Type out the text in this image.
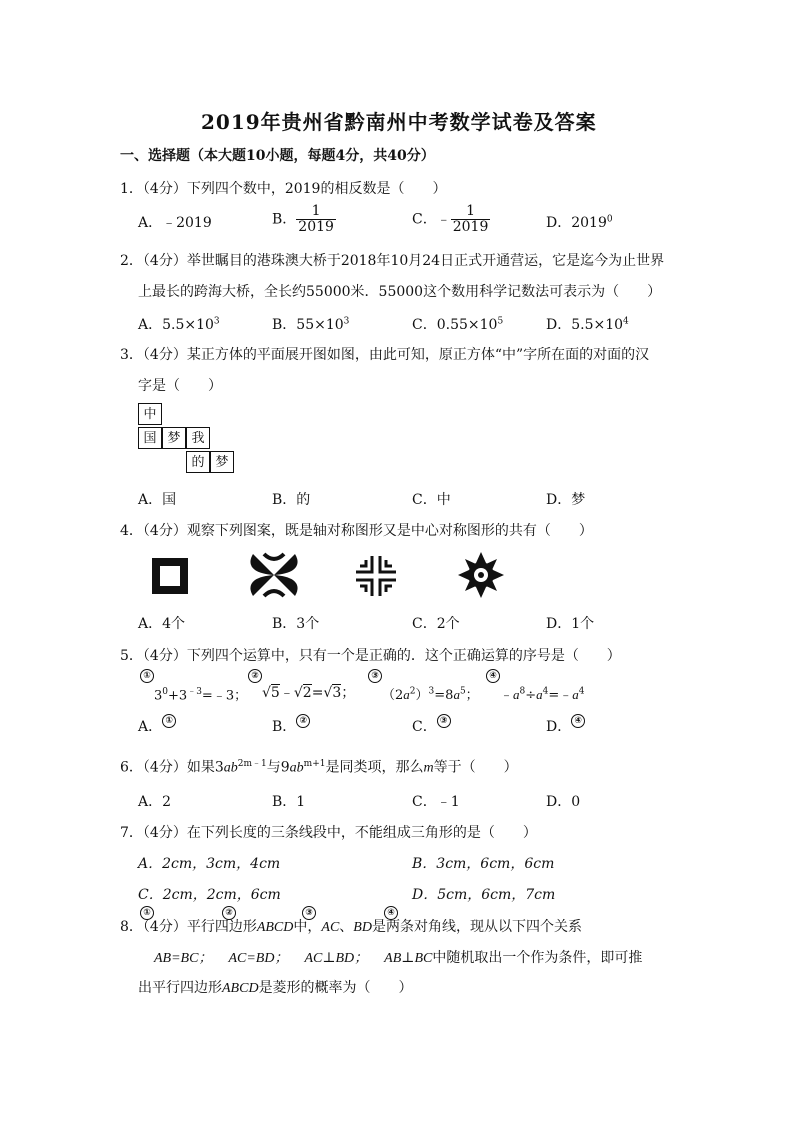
2019年贵州省黔南州中考数学试卷及答案
一、选择题（本大题10小题，每题4分，共40分）
1．（4分）下列四个数中，2019的相反数是（　　）
A．﹣2019	B． $\frac{1}{2019}$	C．﹣ $\frac{1}{2019}$	D．2019$^0$
2．（4分）举世瞩目的港珠澳大桥于2018年10月24日正式开通营运，它是迄今为止世界
上最长的跨海大桥，全长约55000米．55000这个数用科学记数法可表示为（　　）
A．$5.5\times 10^3$	B．$55\times 10^3$	C．$0.55\times 10^5$	D．$5.5\times 10^4$
3．（4分）某正方体的平面展开图如图，由此可知，原正方体“中”字所在面的对面的汉
字是（　　）
中
国 梦 我
的 梦
A．国	B．的	C．中	D．梦
4．（4分）观察下列图案，既是轴对称图形又是中心对称图形的共有（　　）
A．4个	B．3个	C．2个	D．1个
5．（4分）下列四个运算中，只有一个是正确的．这个正确运算的序号是（　　）
①	②	③	④
$3^0+3^{﹣3}=﹣3$； √5﹣√2=√3； $(2a^2)^3=8a^5$； $﹣a^8\div a^4=﹣a^4$
A． ①	B． ②	C． ③	D． ④
6．（4分）如果$3ab^{2m﹣1}$与$9ab^{m+1}$是同类项，那么m等于（　　）
A．2	B．1	C．﹣1	D．0
7．（4分）在下列长度的三条线段中，不能组成三角形的是（　　）
A．2cm，3cm，4cm	B．3cm，6cm，6cm
C．2cm，2cm，6cm	D．5cm，6cm，7cm
①	②	③	④
8．（4分）平行四边形ABCD中，AC、BD是两条对角线，现从以下四个关系
AB=BC； AC=BD； AC⊥BD； AB⊥BC中随机取出一个作为条件，即可推
出平行四边形ABCD是菱形的概率为（　　）
